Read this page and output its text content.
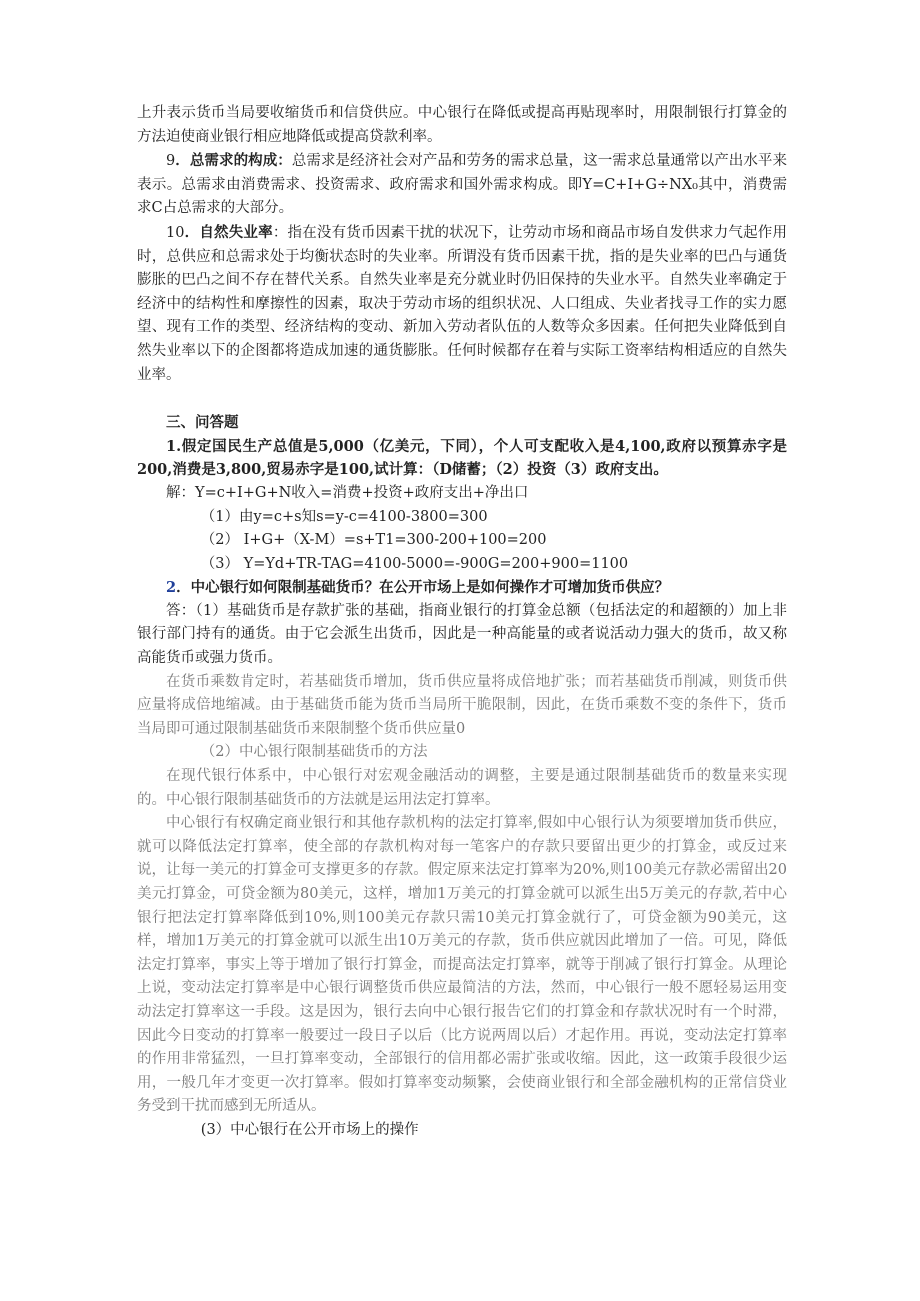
上升表示货币当局要收缩货币和信贷供应。中心银行在降低或提高再贴现率时，用限制银行打算金的方法迫使商业银行相应地降低或提高贷款利率。

9．总需求的构成：总需求是经济社会对产品和劳务的需求总量，这一需求总量通常以产出水平来表示。总需求由消费需求、投资需求、政府需求和国外需求构成。即Y=C+I+G÷NX₀其中，消费需求C占总需求的大部分。

10．自然失业率：指在没有货币因素干扰的状况下，让劳动市场和商品市场自发供求力气起作用时，总供应和总需求处于均衡状态时的失业率。所谓没有货币因素干扰，指的是失业率的巴凸与通货膨胀的巴凸之间不存在替代关系。自然失业率是充分就业时仍旧保持的失业水平。自然失业率确定于经济中的结构性和摩擦性的因素，取决于劳动市场的组织状况、人口组成、失业者找寻工作的实力愿望、现有工作的类型、经济结构的变动、新加入劳动者队伍的人数等众多因素。任何把失业降低到自然失业率以下的企图都将造成加速的通货膨胀。任何时候都存在着与实际工资率结构相适应的自然失业率。

三、问答题

1.假定国民生产总值是5,000（亿美元，下同），个人可支配收入是4,100,政府以预算赤字是200,消费是3,800,贸易赤字是100,试计算：（D储蓄；（2）投资（3）政府支出。

解：Y=c+I+G+N收入=消费+投资+政府支出+净出口

（1）由y=c+s知s=y-c=4100-3800=300

（2） I+G+（X-M）=s+T1=300-200+100=200

（3） Y=Yd+TR-TAG=4100-5000=-900G=200+900=1100

2．中心银行如何限制基础货币？在公开市场上是如何操作才可增加货币供应？

答：（1）基础货币是存款扩张的基础，指商业银行的打算金总额（包括法定的和超额的）加上非银行部门持有的通货。由于它会派生出货币，因此是一种高能量的或者说活动力强大的货币，故又称高能货币或强力货币。

在货币乘数肯定时，若基础货币增加，货币供应量将成倍地扩张；而若基础货币削减，则货币供应量将成倍地缩减。由于基础货币能为货币当局所干脆限制，因此，在货币乘数不变的条件下，货币当局即可通过限制基础货币来限制整个货币供应量0

（2）中心银行限制基础货币的方法

在现代银行体系中，中心银行对宏观金融活动的调整，主要是通过限制基础货币的数量来实现的。中心银行限制基础货币的方法就是运用法定打算率。

中心银行有权确定商业银行和其他存款机构的法定打算率,假如中心银行认为须要增加货币供应，就可以降低法定打算率，使全部的存款机构对每一笔客户的存款只要留出更少的打算金，或反过来说，让每一美元的打算金可支撑更多的存款。假定原来法定打算率为20%,则100美元存款必需留出20美元打算金，可贷金额为80美元，这样，增加1万美元的打算金就可以派生出5万美元的存款,若中心银行把法定打算率降低到10%,则100美元存款只需10美元打算金就行了，可贷金额为90美元，这样，增加1万美元的打算金就可以派生出10万美元的存款，货币供应就因此增加了一倍。可见，降低法定打算率，事实上等于增加了银行打算金，而提高法定打算率，就等于削减了银行打算金。从理论上说，变动法定打算率是中心银行调整货币供应最简洁的方法，然而，中心银行一般不愿轻易运用变动法定打算率这一手段。这是因为，银行去向中心银行报告它们的打算金和存款状况时有一个时滞，因此今日变动的打算率一般要过一段日子以后（比方说两周以后）才起作用。再说，变动法定打算率的作用非常猛烈，一旦打算率变动，全部银行的信用都必需扩张或收缩。因此，这一政策手段很少运用，一般几年才变更一次打算率。假如打算率变动频繁，会使商业银行和全部金融机构的正常信贷业务受到干扰而感到无所适从。

(3）中心银行在公开市场上的操作
